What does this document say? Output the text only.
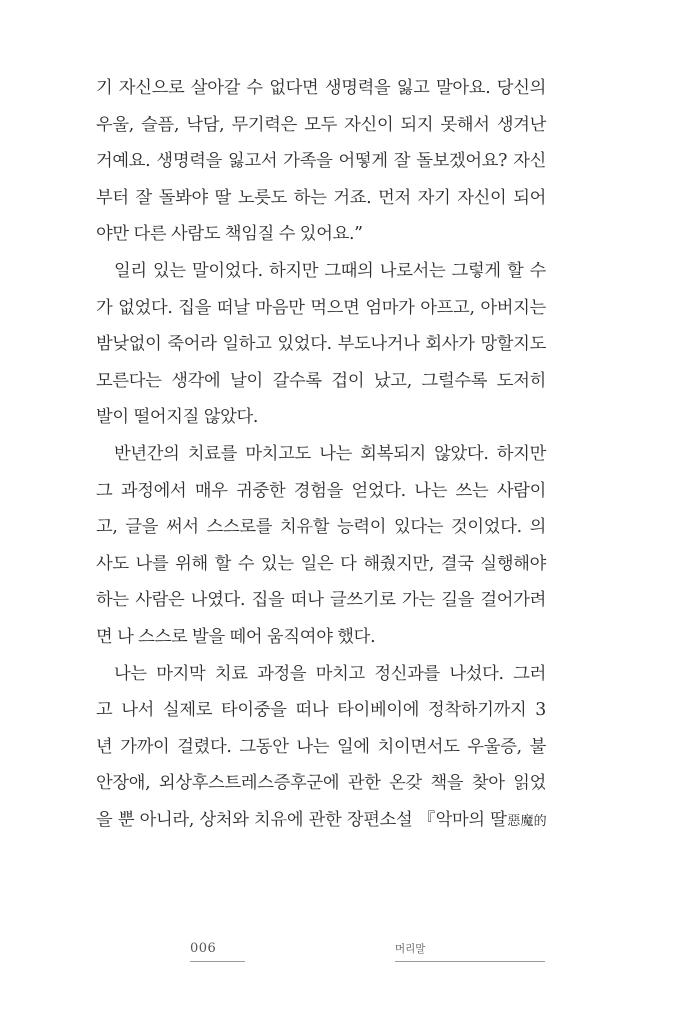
기 자신으로 살아갈 수 없다면 생명력을 잃고 말아요. 당신의
우울, 슬픔, 낙담, 무기력은 모두 자신이 되지 못해서 생겨난
거예요. 생명력을 잃고서 가족을 어떻게 잘 돌보겠어요? 자신
부터 잘 돌봐야 딸 노릇도 하는 거죠. 먼저 자기 자신이 되어
야만 다른 사람도 책임질 수 있어요.”
일리 있는 말이었다. 하지만 그때의 나로서는 그렇게 할 수
가 없었다. 집을 떠날 마음만 먹으면 엄마가 아프고, 아버지는
밤낮없이 죽어라 일하고 있었다. 부도나거나 회사가 망할지도
모른다는 생각에 날이 갈수록 겁이 났고, 그럴수록 도저히
발이 떨어지질 않았다.
반년간의 치료를 마치고도 나는 회복되지 않았다. 하지만
그 과정에서 매우 귀중한 경험을 얻었다. 나는 쓰는 사람이
고, 글을 써서 스스로를 치유할 능력이 있다는 것이었다. 의
사도 나를 위해 할 수 있는 일은 다 해줬지만, 결국 실행해야
하는 사람은 나였다. 집을 떠나 글쓰기로 가는 길을 걸어가려
면 나 스스로 발을 떼어 움직여야 했다.
나는 마지막 치료 과정을 마치고 정신과를 나섰다. 그러
고 나서 실제로 타이중을 떠나 타이베이에 정착하기까지 3
년 가까이 걸렸다. 그동안 나는 일에 치이면서도 우울증, 불
안장애, 외상후스트레스증후군에 관한 온갖 책을 찾아 읽었
을 뿐 아니라, 상처와 치유에 관한 장편소설 『악마의 딸惡魔的
006	머리말
